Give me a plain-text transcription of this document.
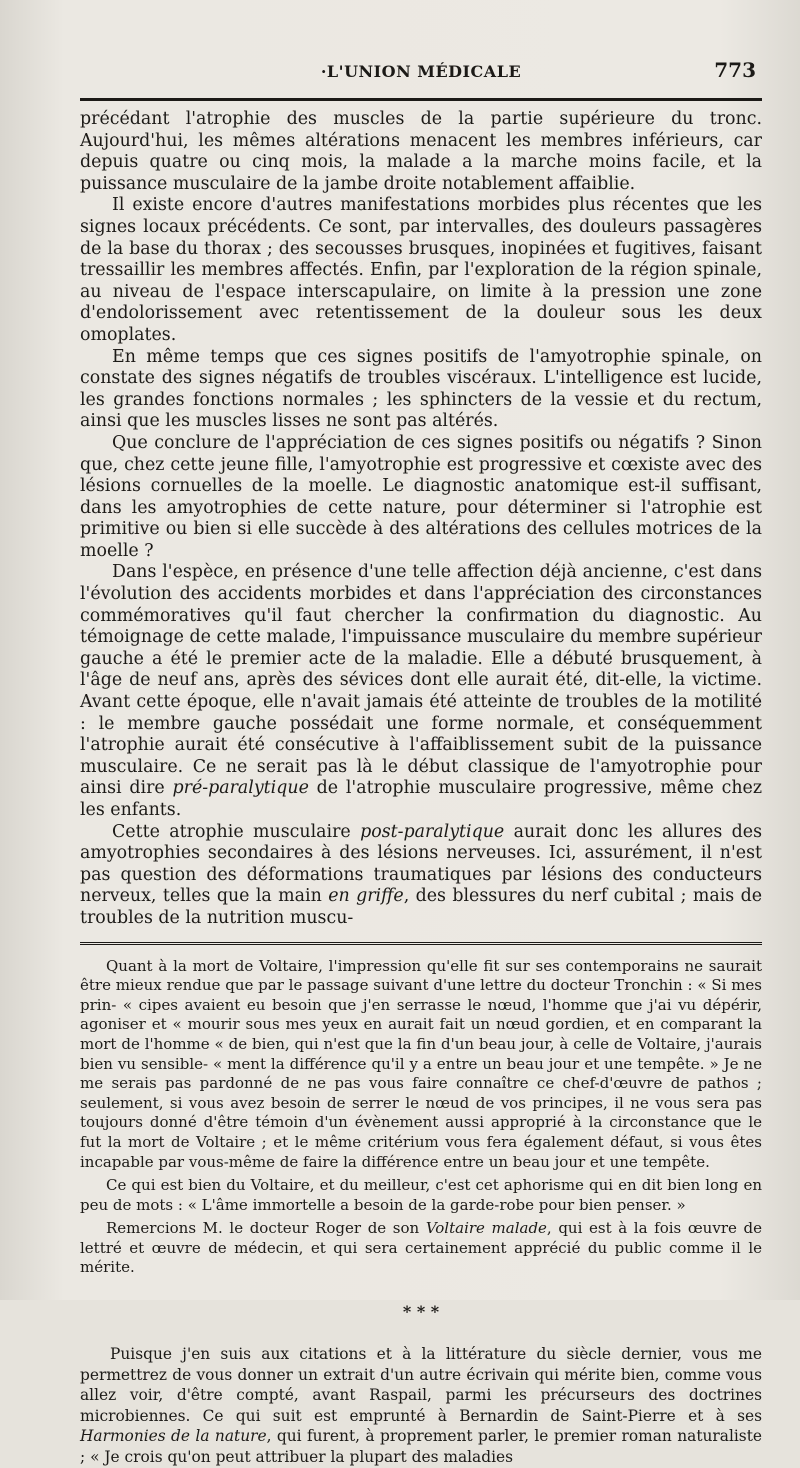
·L'UNION MÉDICALE	773

précédant l'atrophie des muscles de la partie supérieure du tronc. Aujourd'hui, les mêmes altérations menacent les membres inférieurs, car depuis quatre ou cinq mois, la malade a la marche moins facile, et la puissance musculaire de la jambe droite notablement affaiblie.

Il existe encore d'autres manifestations morbides plus récentes que les signes locaux précédents. Ce sont, par intervalles, des douleurs passagères de la base du thorax ; des secousses brusques, inopinées et fugitives, faisant tressaillir les membres affectés. Enfin, par l'exploration de la région spinale, au niveau de l'espace interscapulaire, on limite à la pression une zone d'endolorissement avec retentissement de la douleur sous les deux omoplates.

En même temps que ces signes positifs de l'amyotrophie spinale, on constate des signes négatifs de troubles viscéraux. L'intelligence est lucide, les grandes fonctions normales ; les sphincters de la vessie et du rectum, ainsi que les muscles lisses ne sont pas altérés.

Que conclure de l'appréciation de ces signes positifs ou négatifs ? Sinon que, chez cette jeune fille, l'amyotrophie est progressive et cœxiste avec des lésions cornuelles de la moelle. Le diagnostic anatomique est-il suffisant, dans les amyotrophies de cette nature, pour déterminer si l'atrophie est primitive ou bien si elle succède à des altérations des cellules motrices de la moelle ?

Dans l'espèce, en présence d'une telle affection déjà ancienne, c'est dans l'évolution des accidents morbides et dans l'appréciation des circonstances commémoratives qu'il faut chercher la confirmation du diagnostic. Au témoignage de cette malade, l'impuissance musculaire du membre supérieur gauche a été le premier acte de la maladie. Elle a débuté brusquement, à l'âge de neuf ans, après des sévices dont elle aurait été, dit-elle, la victime. Avant cette époque, elle n'avait jamais été atteinte de troubles de la motilité : le membre gauche possédait une forme normale, et conséquemment l'atrophie aurait été consécutive à l'affaiblissement subit de la puissance musculaire. Ce ne serait pas là le début classique de l'amyotrophie pour ainsi dire pré-paralytique de l'atrophie musculaire progressive, même chez les enfants.

Cette atrophie musculaire post-paralytique aurait donc les allures des amyotrophies secondaires à des lésions nerveuses. Ici, assurément, il n'est pas question des déformations traumatiques par lésions des conducteurs nerveux, telles que la main en griffe, des blessures du nerf cubital ; mais de troubles de la nutrition muscu-

Quant à la mort de Voltaire, l'impression qu'elle fit sur ses contemporains ne saurait être mieux rendue que par le passage suivant d'une lettre du docteur Tronchin : « Si mes prin- « cipes avaient eu besoin que j'en serrasse le nœud, l'homme que j'ai vu dépérir, agoniser et « mourir sous mes yeux en aurait fait un nœud gordien, et en comparant la mort de l'homme « de bien, qui n'est que la fin d'un beau jour, à celle de Voltaire, j'aurais bien vu sensible- « ment la différence qu'il y a entre un beau jour et une tempête. » Je ne me serais pas pardonné de ne pas vous faire connaître ce chef-d'œuvre de pathos ; seulement, si vous avez besoin de serrer le nœud de vos principes, il ne vous sera pas toujours donné d'être témoin d'un évènement aussi approprié à la circonstance que le fut la mort de Voltaire ; et le même critérium vous fera également défaut, si vous êtes incapable par vous-même de faire la différence entre un beau jour et une tempête.

Ce qui est bien du Voltaire, et du meilleur, c'est cet aphorisme qui en dit bien long en peu de mots : « L'âme immortelle a besoin de la garde-robe pour bien penser. »

Remercions M. le docteur Roger de son Voltaire malade, qui est à la fois œuvre de lettré et œuvre de médecin, et qui sera certainement apprécié du public comme il le mérite.

* * *

Puisque j'en suis aux citations et à la littérature du siècle dernier, vous me permettrez de vous donner un extrait d'un autre écrivain qui mérite bien, comme vous allez voir, d'être compté, avant Raspail, parmi les précurseurs des doctrines microbiennes. Ce qui suit est emprunté à Bernardin de Saint-Pierre et à ses Harmonies de la nature, qui furent, à proprement parler, le premier roman naturaliste ; « Je crois qu'on peut attribuer la plupart des maladies
